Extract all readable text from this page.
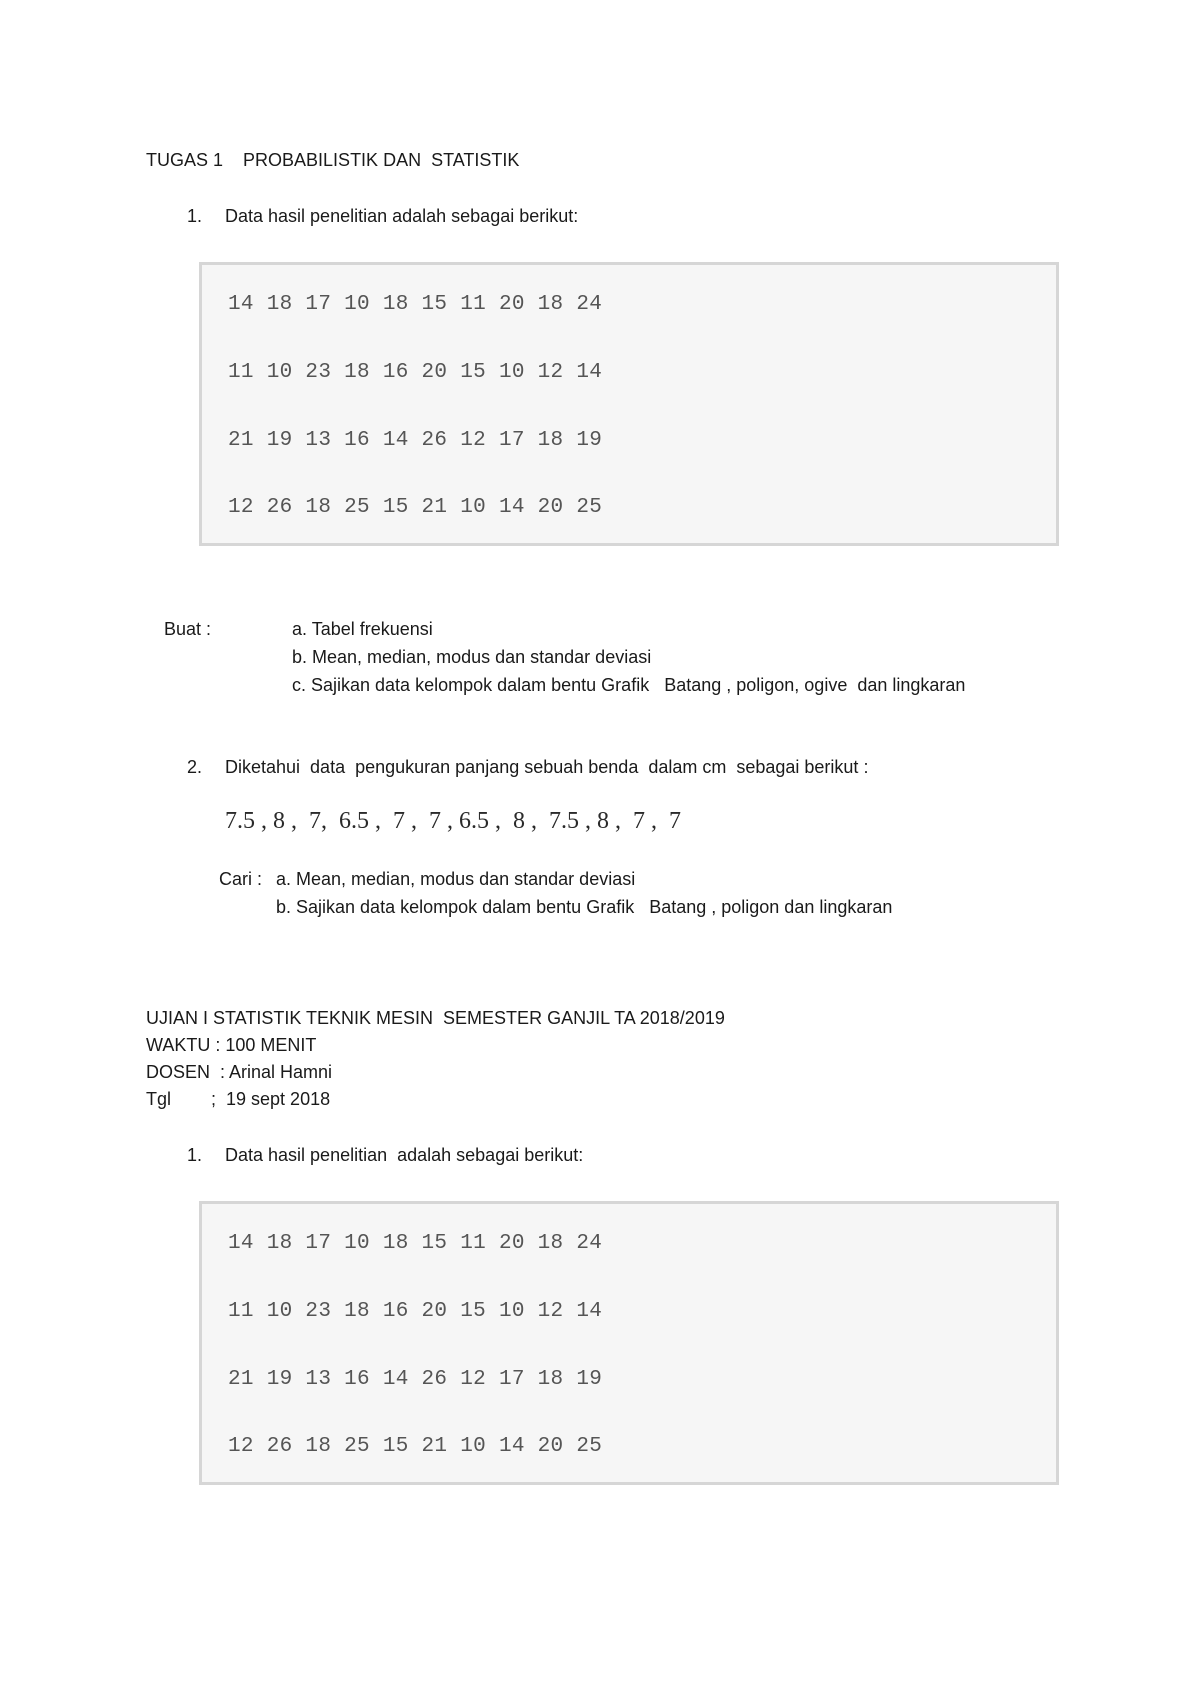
TUGAS 1    PROBABILISTIK DAN  STATISTIK
1. Data hasil penelitian adalah sebagai berikut:
14 18 17 10 18 15 11 20 18 24
11 10 23 18 16 20 15 10 12 14
21 19 13 16 14 26 12 17 18 19
12 26 18 25 15 21 10 14 20 25
Buat :	a. Tabel frekuensi
b. Mean, median, modus dan standar deviasi
c. Sajikan data kelompok dalam bentu Grafik   Batang , poligon, ogive  dan lingkaran
2. Diketahui  data  pengukuran panjang sebuah benda  dalam cm  sebagai berikut :
7.5 , 8 ,  7,  6.5 ,  7 ,  7 , 6.5 ,  8 ,  7.5 , 8 ,  7 ,  7
Cari : a. Mean, median, modus dan standar deviasi
b. Sajikan data kelompok dalam bentu Grafik   Batang , poligon dan lingkaran
UJIAN I STATISTIK TEKNIK MESIN  SEMESTER GANJIL TA 2018/2019
WAKTU : 100 MENIT
DOSEN  : Arinal Hamni
Tgl        ;  19 sept 2018
1. Data hasil penelitian  adalah sebagai berikut:
14 18 17 10 18 15 11 20 18 24
11 10 23 18 16 20 15 10 12 14
21 19 13 16 14 26 12 17 18 19
12 26 18 25 15 21 10 14 20 25
